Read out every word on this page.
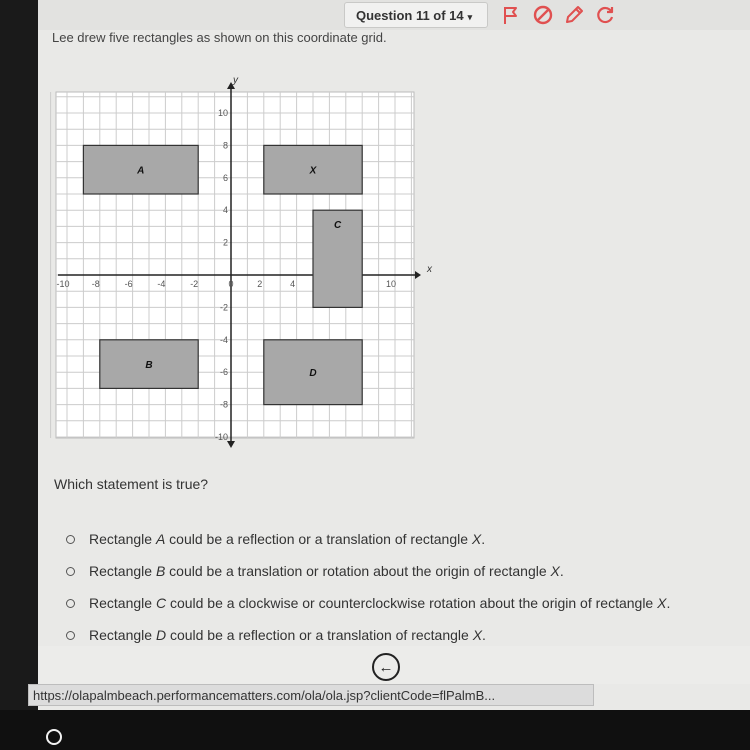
Question 11 of 14 ▾
Lee drew five rectangles as shown on this coordinate grid.
x
y
-10 -8	-6	-4	-2	0	2	4	10
10
8
6
4
2
-2
-4
-6
-8
-10
A	X
C
B
D
Which statement is true?
Rectangle A could be a reflection or a translation of rectangle X .
Rectangle B could be a translation or rotation about the origin of rectangle X .
Rectangle C could be a clockwise or counterclockwise rotation about the origin of rectangle X .
Rectangle D could be a reflection or a translation of rectangle X .
←
https://olapalmbeach.performancematters.com/ola/ola.jsp?clientCode=flPalmB...
